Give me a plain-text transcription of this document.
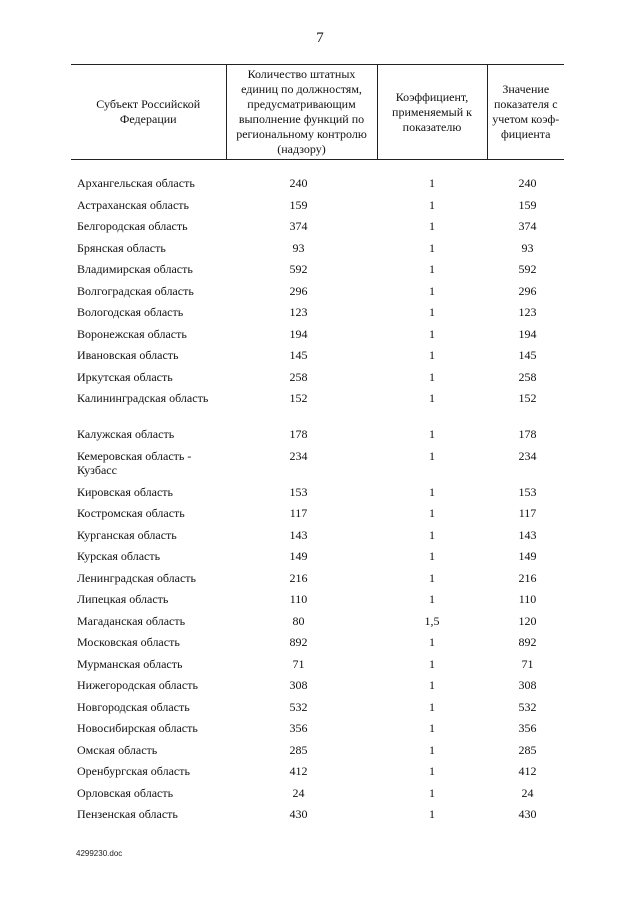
7
Субъект Российской Федерации	Количество штатных единиц по должностям, предусматривающим выполнение функций по региональному контролю (надзору)	Коэффициент, применяемый к показателю	Значение показателя с учетом коэф-фициента
Архангельская область	240	1	240
Астраханская область	159	1	159
Белгородская область	374	1	374
Брянская область	93	1	93
Владимирская область	592	1	592
Волгоградская область	296	1	296
Вологодская область	123	1	123
Воронежская область	194	1	194
Ивановская область	145	1	145
Иркутская область	258	1	258
Калининградская область	152	1	152
Калужская область	178	1	178
Кемеровская область - Кузбасс	234	1	234
Кировская область	153	1	153
Костромская область	117	1	117
Курганская область	143	1	143
Курская область	149	1	149
Ленинградская область	216	1	216
Липецкая область	110	1	110
Магаданская область	80	1,5	120
Московская область	892	1	892
Мурманская область	71	1	71
Нижегородская область	308	1	308
Новгородская область	532	1	532
Новосибирская область	356	1	356
Омская область	285	1	285
Оренбургская область	412	1	412
Орловская область	24	1	24
Пензенская область	430	1	430
4299230.doc
